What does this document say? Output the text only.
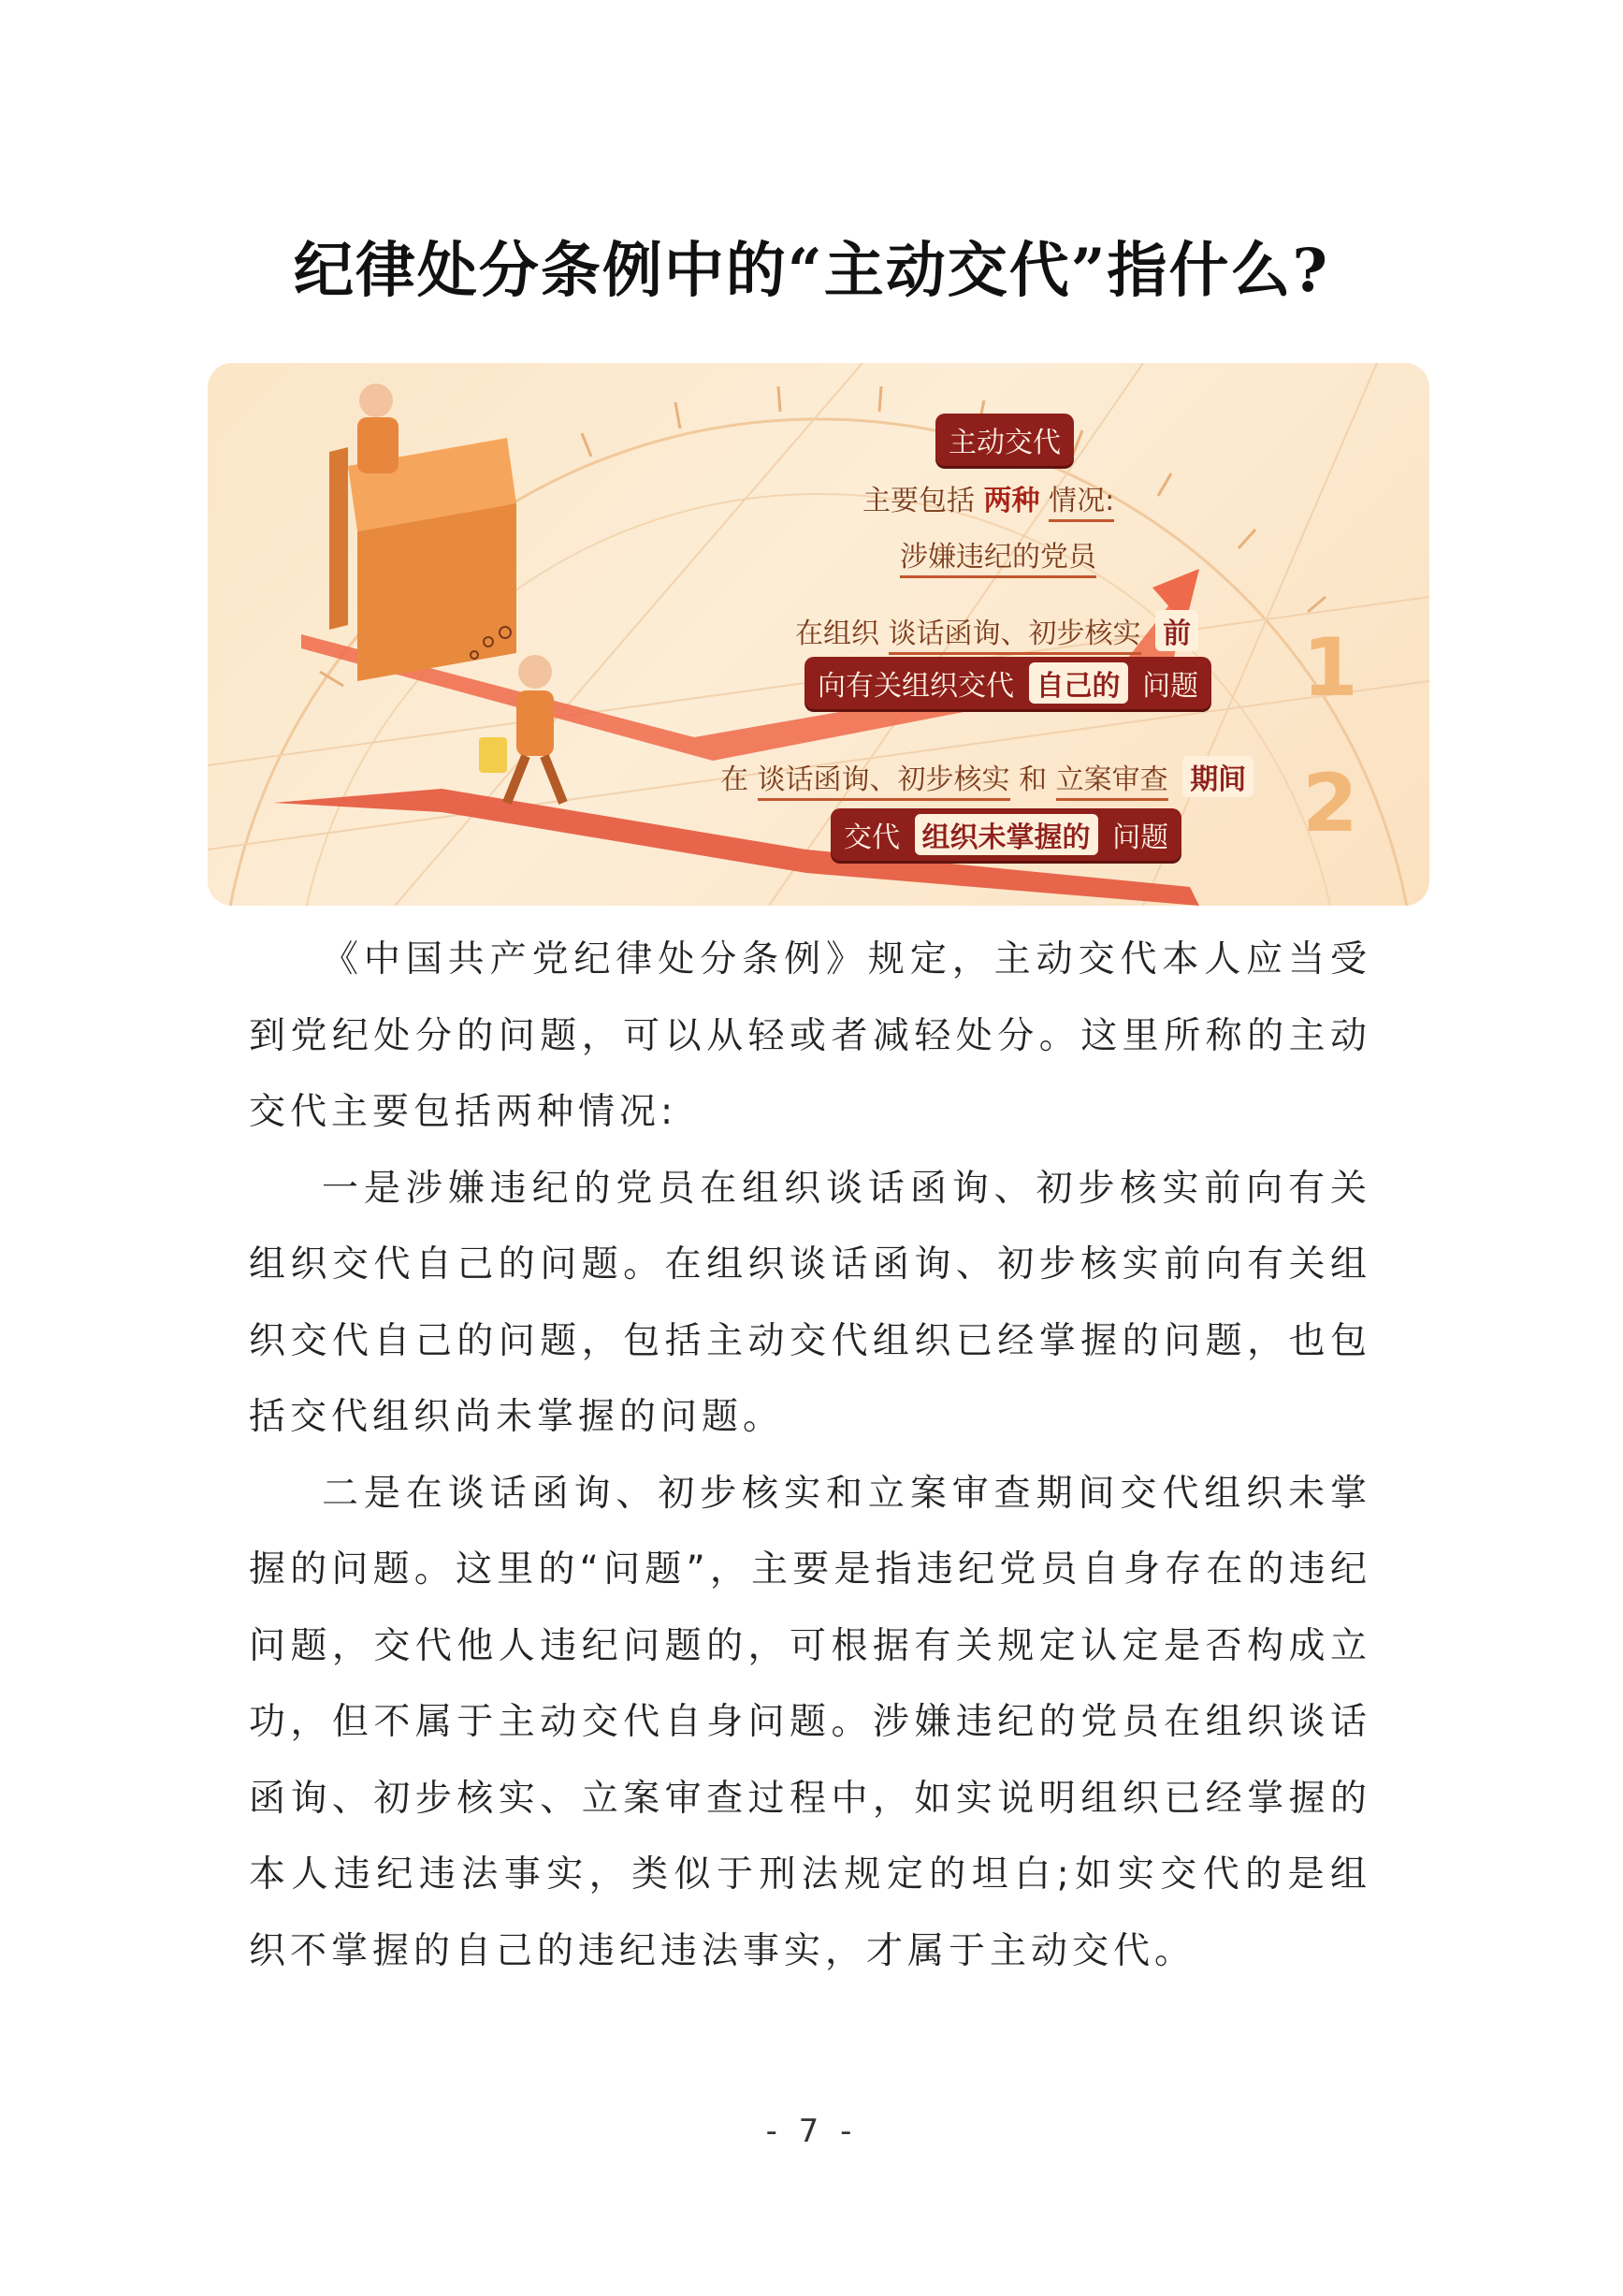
纪律处分条例中的“主动交代”指什么?
1
2
主动交代
主要包括 两种 情况:
涉嫌违纪的党员
在组织 谈话函询、初步核实 前
向有关组织交代 自己的 问题
在 谈话函询、初步核实 和 立案审查 期间
交代 组织未掌握的 问题

《中国共产党纪律处分条例》规定，主动交代本人应当受到党纪处分的问题，可以从轻或者减轻处分。这里所称的主动交代主要包括两种情况:

一是涉嫌违纪的党员在组织谈话函询、初步核实前向有关组织交代自己的问题。在组织谈话函询、初步核实前向有关组织交代自己的问题，包括主动交代组织已经掌握的问题，也包括交代组织尚未掌握的问题。

二是在谈话函询、初步核实和立案审查期间交代组织未掌握的问题。这里的“问题”，主要是指违纪党员自身存在的违纪问题，交代他人违纪问题的，可根据有关规定认定是否构成立功，但不属于主动交代自身问题。涉嫌违纪的党员在组织谈话函询、初步核实、立案审查过程中，如实说明组织已经掌握的本人违纪违法事实，类似于刑法规定的坦白;如实交代的是组织不掌握的自己的违纪违法事实，才属于主动交代。

- 7 -
